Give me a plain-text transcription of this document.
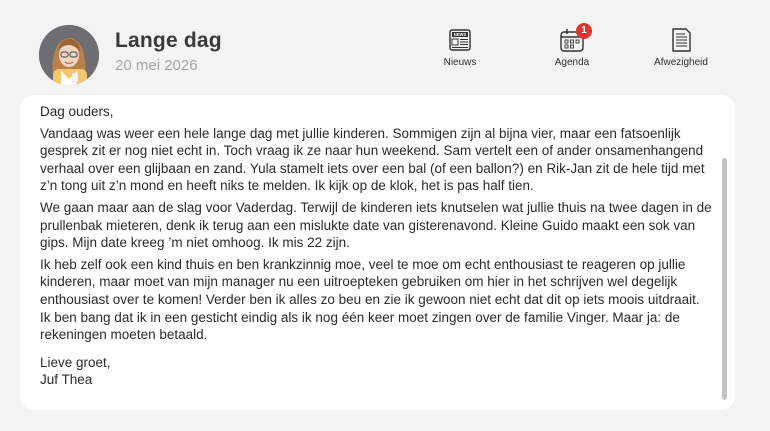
Lange dag
20 mei 2026
NEWS
Nieuws
1
Agenda	Afwezigheid

Dag ouders,

Vandaag was weer een hele lange dag met jullie kinderen. Sommigen zijn al bijna vier, maar een fatsoenlijk gesprek zit er nog niet echt in. Toch vraag ik ze naar hun weekend. Sam vertelt een of ander onsamenhangend verhaal over een glijbaan en zand. Yula stamelt iets over een bal (of een ballon?) en Rik-Jan zit de hele tijd met z’n tong uit z’n mond en heeft niks te melden. Ik kijk op de klok, het is pas half tien.

We gaan maar aan de slag voor Vaderdag. Terwijl de kinderen iets knutselen wat jullie thuis na twee dagen in de prullenbak mieteren, denk ik terug aan een mislukte date van gisterenavond. Kleine Guido maakt een sok van gips. Mijn date kreeg ’m niet omhoog. Ik mis 22 zijn.

Ik heb zelf ook een kind thuis en ben krankzinnig moe, veel te moe om echt enthousiast te reageren op jullie kinderen, maar moet van mijn manager nu een uitroepteken gebruiken om hier in het schrijven wel degelijk enthousiast over te komen! Verder ben ik alles zo beu en zie ik gewoon niet echt dat dit op iets moois uitdraait.

Ik ben bang dat ik in een gesticht eindig als ik nog één keer moet zingen over de familie Vinger. Maar ja: de rekeningen moeten betaald.

Lieve groet,

Juf Thea
